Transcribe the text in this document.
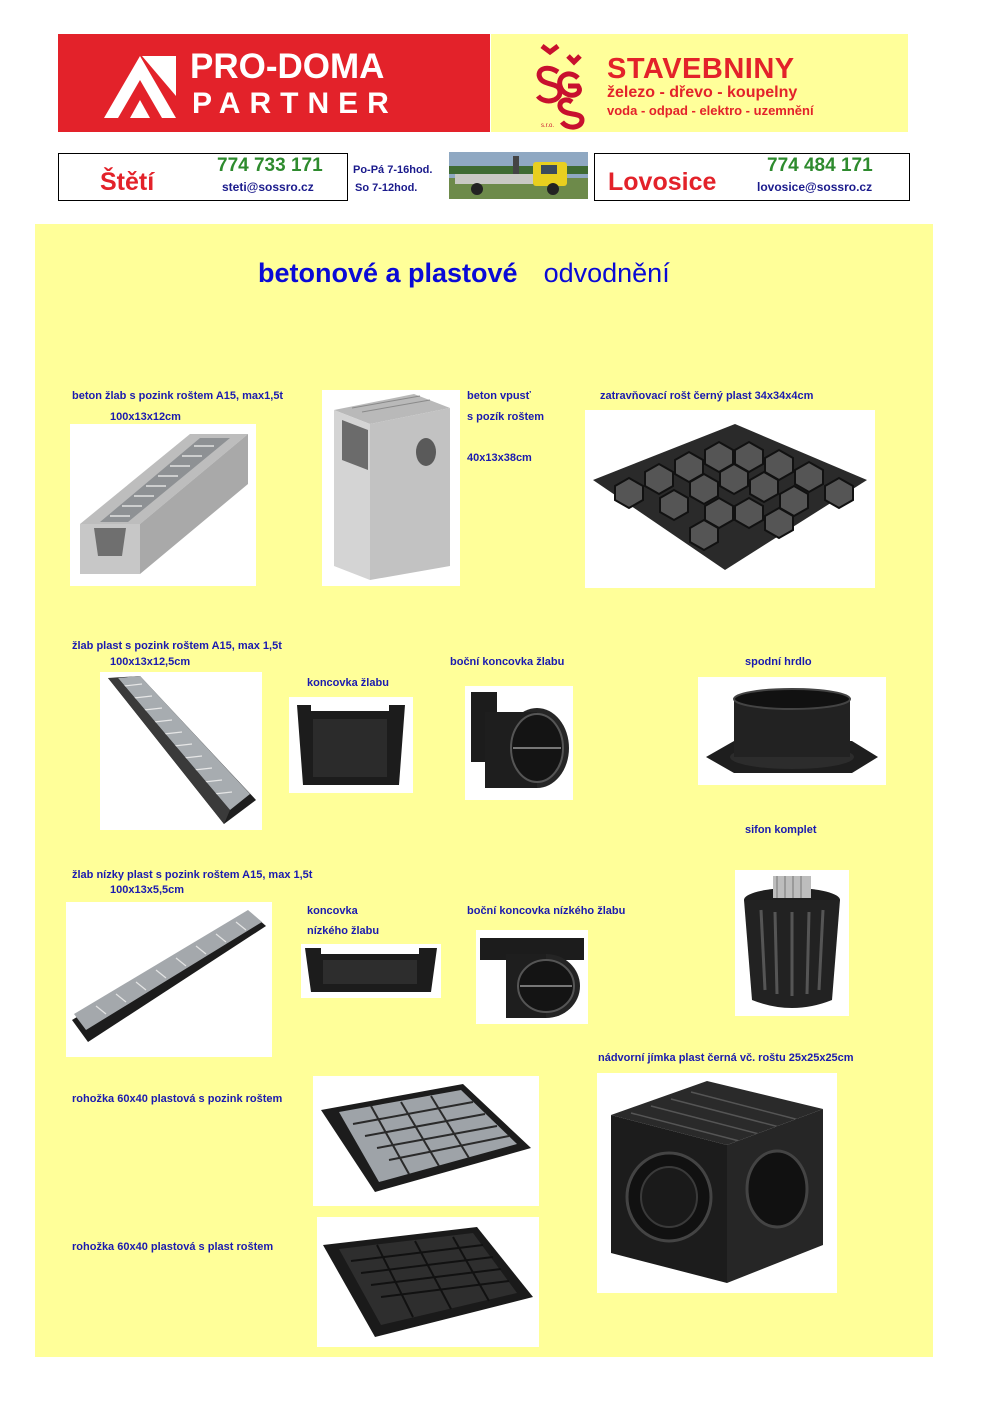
PRO-DOMA
PARTNER
s.r.o.
STAVEBNINY
železo - dřevo - koupelny
voda - odpad - elektro - uzemnění
Štětí
774 733 171
steti@sossro.cz
Po-Pá 7-16hod.
So 7-12hod.	Lovosice
774 484 171
lovosice@sossro.cz
betonové a plastové odvodnění
beton žlab s pozink roštem A15, max1,5t
100x13x12cm
beton vpusť
s pozík roštem
40x13x38cm
zatravňovací rošt černý plast 34x34x4cm
žlab plast s pozink roštem A15, max 1,5t
100x13x12,5cm
koncovka žlabu
boční koncovka žlabu	spodní hrdlo
sifon komplet
žlab nízky plast s pozink roštem A15, max 1,5t
100x13x5,5cm
koncovka
nízkého žlabu
boční koncovka nízkého žlabu
nádvorní jímka plast černá vč. roštu 25x25x25cm
rohožka 60x40 plastová s pozink roštem
rohožka 60x40 plastová s plast roštem
